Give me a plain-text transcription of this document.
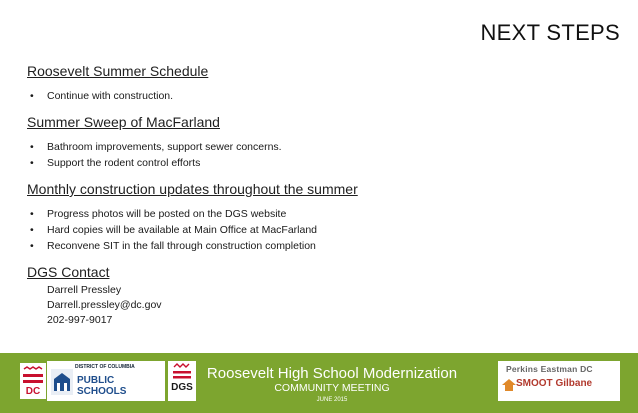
NEXT STEPS
Roosevelt Summer Schedule
• Continue with construction.
Summer Sweep of MacFarland
• Bathroom improvements, support sewer concerns.
• Support the rodent control efforts
Monthly construction updates throughout the summer
• Progress photos will be posted on the DGS website
• Hard copies will be available at Main Office at MacFarland
• Reconvene SIT in the fall through construction completion
DGS Contact
Darrell Pressley
Darrell.pressley@dc.gov
202-997-9017
DC
DISTRICT OF COLUMBIA
PUBLIC SCHOOLS	DGS
Roosevelt High School Modernization
COMMUNITY MEETING
JUNE 2015
Perkins Eastman DC
SMOOT Gilbane
